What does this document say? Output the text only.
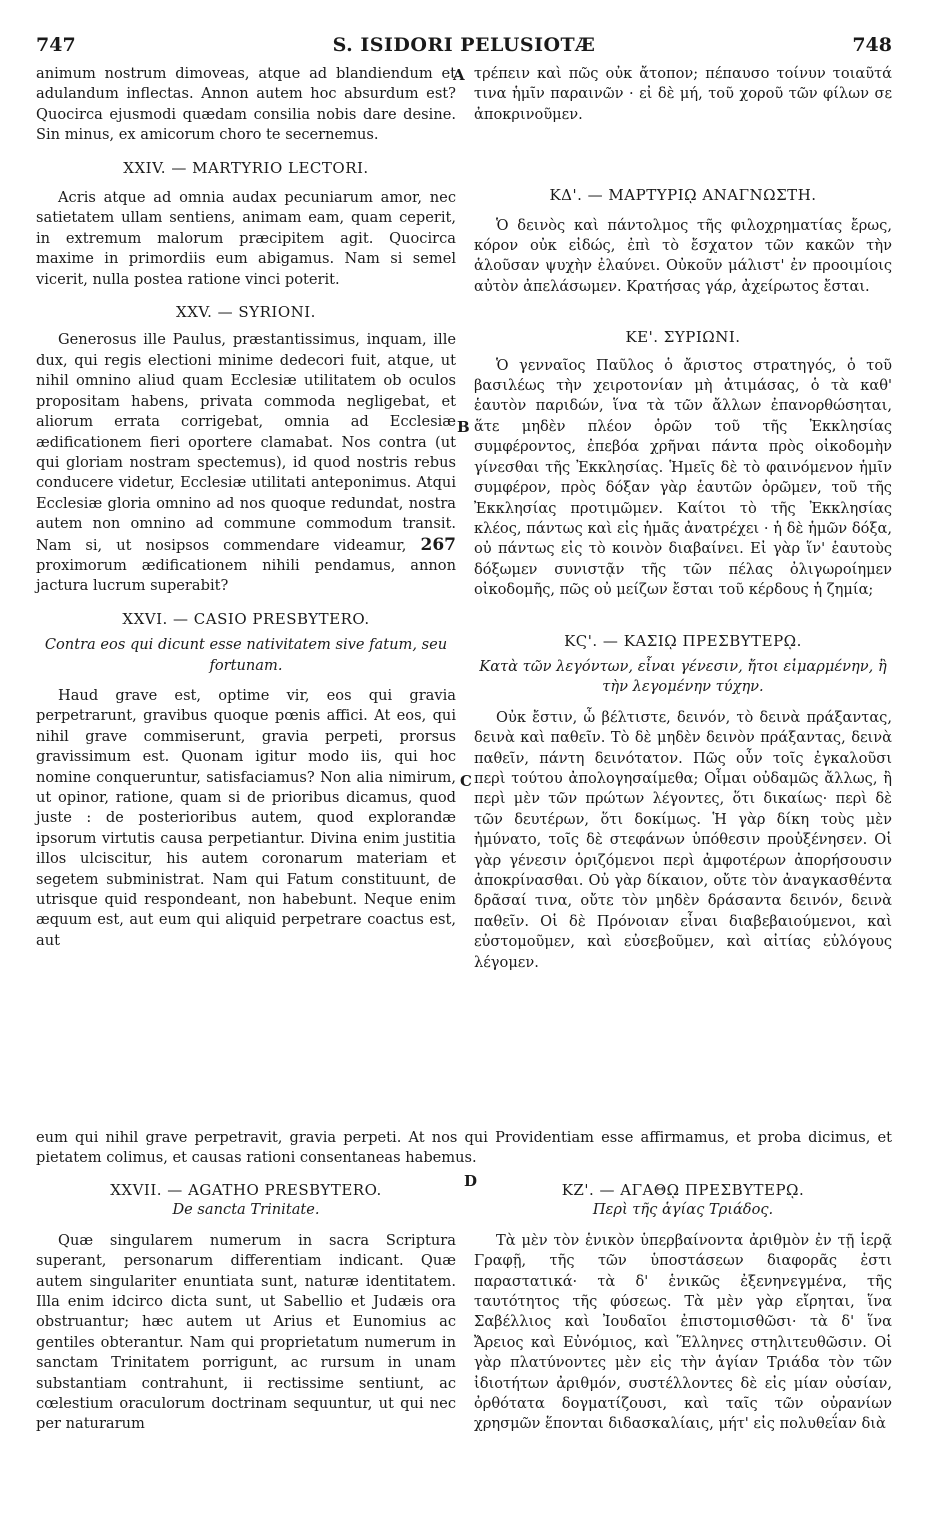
747	S. ISIDORI PELUSIOTÆ	748
A
B
C
D

animum nostrum dimoveas, atque ad blandiendum et adulandum inflectas. Annon autem hoc absurdum est? Quocirca ejusmodi quædam consilia nobis dare desine. Sin minus, ex amicorum choro te secernemus.

XXIV. — MARTYRIO LECTORI.

Acris atque ad omnia audax pecuniarum amor, nec satietatem ullam sentiens, animam eam, quam ceperit, in extremum malorum præcipitem agit. Quocirca maxime in primordiis eum abigamus. Nam si semel vicerit, nulla postea ratione vinci poterit.

XXV. — SYRIONI.

Generosus ille Paulus, præstantissimus, inquam, ille dux, qui regis electioni minime dedecori fuit, atque, ut nihil omnino aliud quam Ecclesiæ utilitatem ob oculos propositam habens, privata commoda negligebat, et aliorum errata corrigebat, omnia ad Ecclesiæ ædificationem fieri oportere clamabat. Nos contra (ut qui gloriam nostram spectemus), id quod nostris rebus conducere videtur, Ecclesiæ utilitati anteponimus. Atqui Ecclesiæ gloria omnino ad nos quoque redundat, nostra autem non omnino ad commune commodum transit. Nam si, ut nosipsos commendare videamur, 267 proximorum ædificationem nihili pendamus, annon jactura lucrum superabit?

XXVI. — CASIO PRESBYTERO.
Contra eos qui dicunt esse nativitatem sive fatum, seu fortunam.

Haud grave est, optime vir, eos qui gravia perpetrarunt, gravibus quoque pœnis affici. At eos, qui nihil grave commiserunt, gravia perpeti, prorsus gravissimum est. Quonam igitur modo iis, qui hoc nomine conqueruntur, satisfaciamus? Non alia nimirum, ut opinor, ratione, quam si de prioribus dicamus, quod juste : de posterioribus autem, quod explorandæ ipsorum virtutis causa perpetiantur. Divina enim justitia illos ulciscitur, his autem coronarum materiam et segetem subministrat. Nam qui Fatum constituunt, de utrisque quid respondeant, non habebunt. Neque enim æquum est, aut eum qui aliquid perpetrare coactus est, aut

τρέπειν καὶ πῶς οὐκ ἄτοπον; πέπαυσο τοίνυν τοιαῦτά τινα ἡμῖν παραινῶν · εἰ δὲ μή, τοῦ χοροῦ τῶν φίλων σε ἀποκρινοῦμεν.

ΚΔ'. — ΜΑΡΤΥΡΙῼ ΑΝΑΓΝΩΣΤΗ.

Ὁ δεινὸς καὶ πάντολμος τῆς φιλοχρηματίας ἔρως, κόρον οὐκ εἰδώς, ἐπὶ τὸ ἔσχατον τῶν κακῶν τὴν ἁλοῦσαν ψυχὴν ἐλαύνει. Οὐκοῦν μάλιστ' ἐν προοιμίοις αὐτὸν ἀπελάσωμεν. Κρατήσας γάρ, ἀχείρωτος ἔσται.

ΚΕ'. ΣΥΡΙΩΝΙ.

Ὁ γενναῖος Παῦλος ὁ ἄριστος στρατηγός, ὁ τοῦ βασιλέως τὴν χειροτονίαν μὴ ἀτιμάσας, ὁ τὰ καθ' ἑαυτὸν παριδών, ἵνα τὰ τῶν ἄλλων ἐπανορθώσηται, ἅτε μηδὲν πλέον ὁρῶν τοῦ τῆς Ἐκκλησίας συμφέροντος, ἐπεβόα χρῆναι πάντα πρὸς οἰκοδομὴν γίνεσθαι τῆς Ἐκκλησίας. Ἡμεῖς δὲ τὸ φαινόμενον ἡμῖν συμφέρον, πρὸς δόξαν γὰρ ἑαυτῶν ὁρῶμεν, τοῦ τῆς Ἐκκλησίας προτιμῶμεν. Καίτοι τὸ τῆς Ἐκκλησίας κλέος, πάντως καὶ εἰς ἡμᾶς ἀνατρέχει · ἡ δὲ ἡμῶν δόξα, οὐ πάντως εἰς τὸ κοινὸν διαβαίνει. Εἰ γὰρ ἵν' ἑαυτοὺς δόξωμεν συνιστᾷν τῆς τῶν πέλας ὀλιγωροίημεν οἰκοδομῆς, πῶς οὐ μείζων ἔσται τοῦ κέρδους ἡ ζημία;

ΚϚ'. — ΚΑΣΙῼ ΠΡΕΣΒΥΤΕΡῼ.
Κατὰ τῶν λεγόντων, εἶναι γένεσιν, ἤτοι εἱμαρμένην, ἢ τὴν λεγομένην τύχην.

Οὐκ ἔστιν, ὦ βέλτιστε, δεινόν, τὸ δεινὰ πράξαντας, δεινὰ καὶ παθεῖν. Τὸ δὲ μηδὲν δεινὸν πράξαντας, δεινὰ παθεῖν, πάντη δεινότατον. Πῶς οὖν τοῖς ἐγκαλοῦσι περὶ τούτου ἀπολογησαίμεθα; Οἶμαι οὐδαμῶς ἄλλως, ἢ περὶ μὲν τῶν πρώτων λέγοντες, ὅτι δικαίως· περὶ δὲ τῶν δευτέρων, ὅτι δοκίμως. Ἡ γὰρ δίκη τοὺς μὲν ἠμύνατο, τοῖς δὲ στεφάνων ὑπόθεσιν προὐξένησεν. Οἱ γὰρ γένεσιν ὁριζόμενοι περὶ ἀμφοτέρων ἀπορήσουσιν ἀποκρίνασθαι. Οὐ γὰρ δίκαιον, οὔτε τὸν ἀναγκασθέντα δρᾶσαί τινα, οὔτε τὸν μηδὲν δράσαντα δεινόν, δεινὰ παθεῖν. Οἱ δὲ Πρόνοιαν εἶναι διαβεβαιούμενοι, καὶ εὐστομοῦμεν, καὶ εὐσεβοῦμεν, καὶ αἰτίας εὐλόγους λέγομεν.

eum qui nihil grave perpetravit, gravia perpeti. At nos qui Providentiam esse affirmamus, et proba dicimus, et pietatem colimus, et causas rationi consentaneas habemus.

XXVII. — AGATHO PRESBYTERO.
De sancta Trinitate.

Quæ singularem numerum in sacra Scriptura superant, personarum differentiam indicant. Quæ autem singulariter enuntiata sunt, naturæ identitatem. Illa enim idcirco dicta sunt, ut Sabellio et Judæis ora obstruantur; hæc autem ut Arius et Eunomius ac gentiles obterantur. Nam qui proprietatum numerum in sanctam Trinitatem porrigunt, ac rursum in unam substantiam contrahunt, ii rectissime sentiunt, ac cœlestium oraculorum doctrinam sequuntur, ut qui nec per naturarum

ΚΖ'. — ΑΓΑΘῼ ΠΡΕΣΒΥΤΕΡῼ.
Περὶ τῆς ἁγίας Τριάδος.

Τὰ μὲν τὸν ἑνικὸν ὑπερβαίνοντα ἀριθμὸν ἐν τῇ ἱερᾷ Γραφῇ, τῆς τῶν ὑποστάσεων διαφορᾶς ἐστι παραστατικά· τὰ δ' ἑνικῶς ἐξενηνεγμένα, τῆς ταυτότητος τῆς φύσεως. Τὰ μὲν γὰρ εἴρηται, ἵνα Σαβέλλιος καὶ Ἰουδαῖοι ἐπιστομισθῶσι· τὰ δ' ἵνα Ἄρειος καὶ Εὐνόμιος, καὶ Ἕλληνες στηλιτευθῶσιν. Οἱ γὰρ πλατύνοντες μὲν εἰς τὴν ἁγίαν Τριάδα τὸν τῶν ἰδιοτήτων ἀριθμόν, συστέλλοντες δὲ εἰς μίαν οὐσίαν, ὀρθότατα δογματίζουσι, καὶ ταῖς τῶν οὐρανίων χρησμῶν ἕπονται διδασκαλίαις, μήτ' εἰς πολυθεΐαν διὰ
